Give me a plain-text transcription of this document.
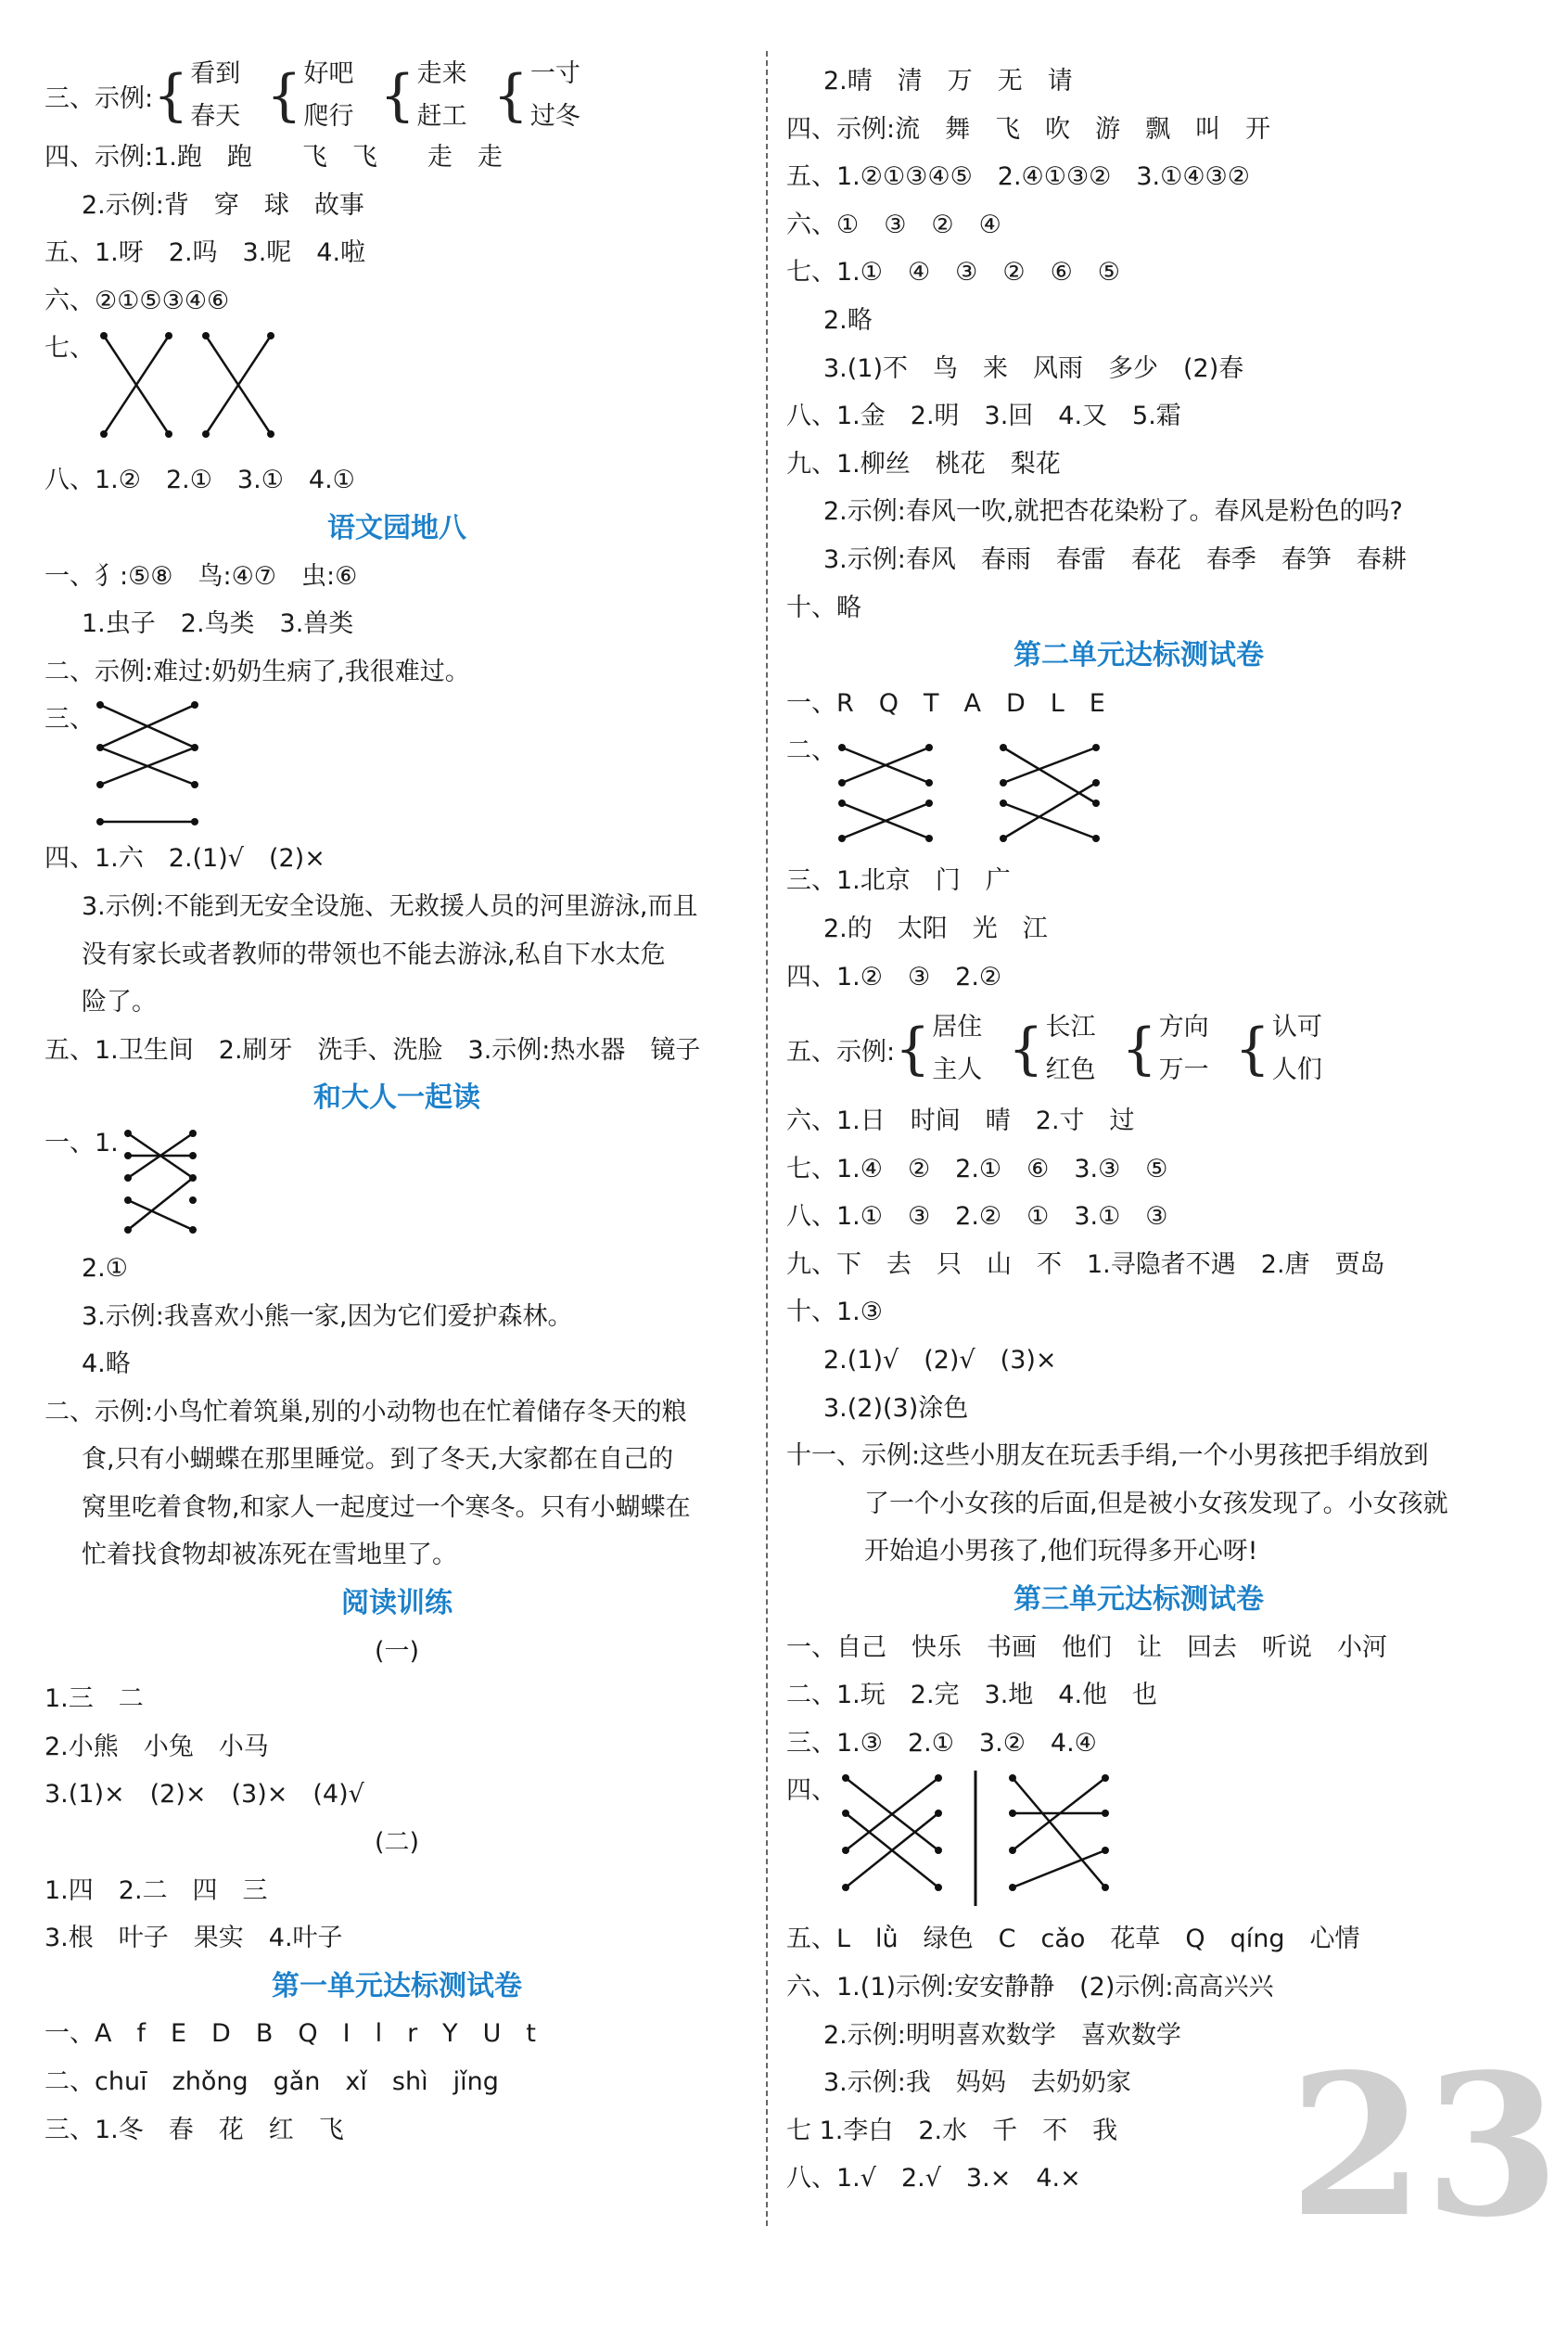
三、示例: { 看到
春天 { 好吧
爬行 { 走来
赶工 { 一寸
过冬
四、示例:1.跑　跑　　飞　飞　　走　走
2.示例:背　穿　球　故事
五、1.呀　2.吗　3.呢　4.啦
六、②①⑤③④⑥
七、
八、1.②　2.①　3.①　4.①
语文园地八
一、犭:⑤⑧　鸟:④⑦　虫:⑥
1.虫子　2.鸟类　3.兽类
二、示例:难过:奶奶生病了,我很难过。
三、
四、1.六　2.(1)√　(2)×
3.示例:不能到无安全设施、无救援人员的河里游泳,而且
没有家长或者教师的带领也不能去游泳,私自下水太危
险了。
五、1.卫生间　2.刷牙　洗手、洗脸　3.示例:热水器　镜子
和大人一起读
一、1.
2.①
3.示例:我喜欢小熊一家,因为它们爱护森林。
4.略
二、示例:小鸟忙着筑巢,别的小动物也在忙着储存冬天的粮
食,只有小蝴蝶在那里睡觉。到了冬天,大家都在自己的
窝里吃着食物,和家人一起度过一个寒冬。只有小蝴蝶在
忙着找食物却被冻死在雪地里了。
阅读训练
(一)
1.三　二
2.小熊　小兔　小马
3.(1)×　(2)×　(3)×　(4)√
(二)
1.四　2.二　四　三
3.根　叶子　果实　4.叶子
第一单元达标测试卷
一、A　f　E　D　B　Q　I　l　r　Y　U　t
二、chuī　zhǒng　gǎn　xǐ　shì　jǐng
三、1.冬　春　花　红　飞
2.晴　清　万　无　请
四、示例:流　舞　飞　吹　游　飘　叫　开
五、1.②①③④⑤　2.④①③②　3.①④③②
六、①　③　②　④
七、1.①　④　③　②　⑥　⑤
2.略
3.(1)不　鸟　来　风雨　多少　(2)春
八、1.金　2.明　3.回　4.又　5.霜
九、1.柳丝　桃花　梨花
2.示例:春风一吹,就把杏花染粉了。春风是粉色的吗?
3.示例:春风　春雨　春雷　春花　春季　春笋　春耕
十、略
第二单元达标测试卷
一、R　Q　T　A　D　L　E
二、
三、1.北京　门　广
2.的　太阳　光　江
四、1.②　③　2.②
五、示例: { 居住
主人 { 长江
红色 { 方向
万一 { 认可
人们
六、1.日　时间　晴　2.寸　过
七、1.④　②　2.①　⑥　3.③　⑤
八、1.①　③　2.②　①　3.①　③
九、下　去　只　山　不　1.寻隐者不遇　2.唐　贾岛
十、1.③
2.(1)√　(2)√　(3)×
3.(2)(3)涂色
十一、示例:这些小朋友在玩丢手绢,一个小男孩把手绢放到
了一个小女孩的后面,但是被小女孩发现了。小女孩就
开始追小男孩了,他们玩得多开心呀!
第三单元达标测试卷
一、自己　快乐　书画　他们　让　回去　听说　小河
二、1.玩　2.完　3.地　4.他　也
三、1.③　2.①　3.②　4.④
四、
五、L　lǜ　绿色　C　cǎo　花草　Q　qíng　心情
六、1.(1)示例:安安静静　(2)示例:高高兴兴
2.示例:明明喜欢数学　喜欢数学
3.示例:我　妈妈　去奶奶家
七 1.李白　2.水　千　不　我
八、1.√　2.√　3.×　4.×	23
